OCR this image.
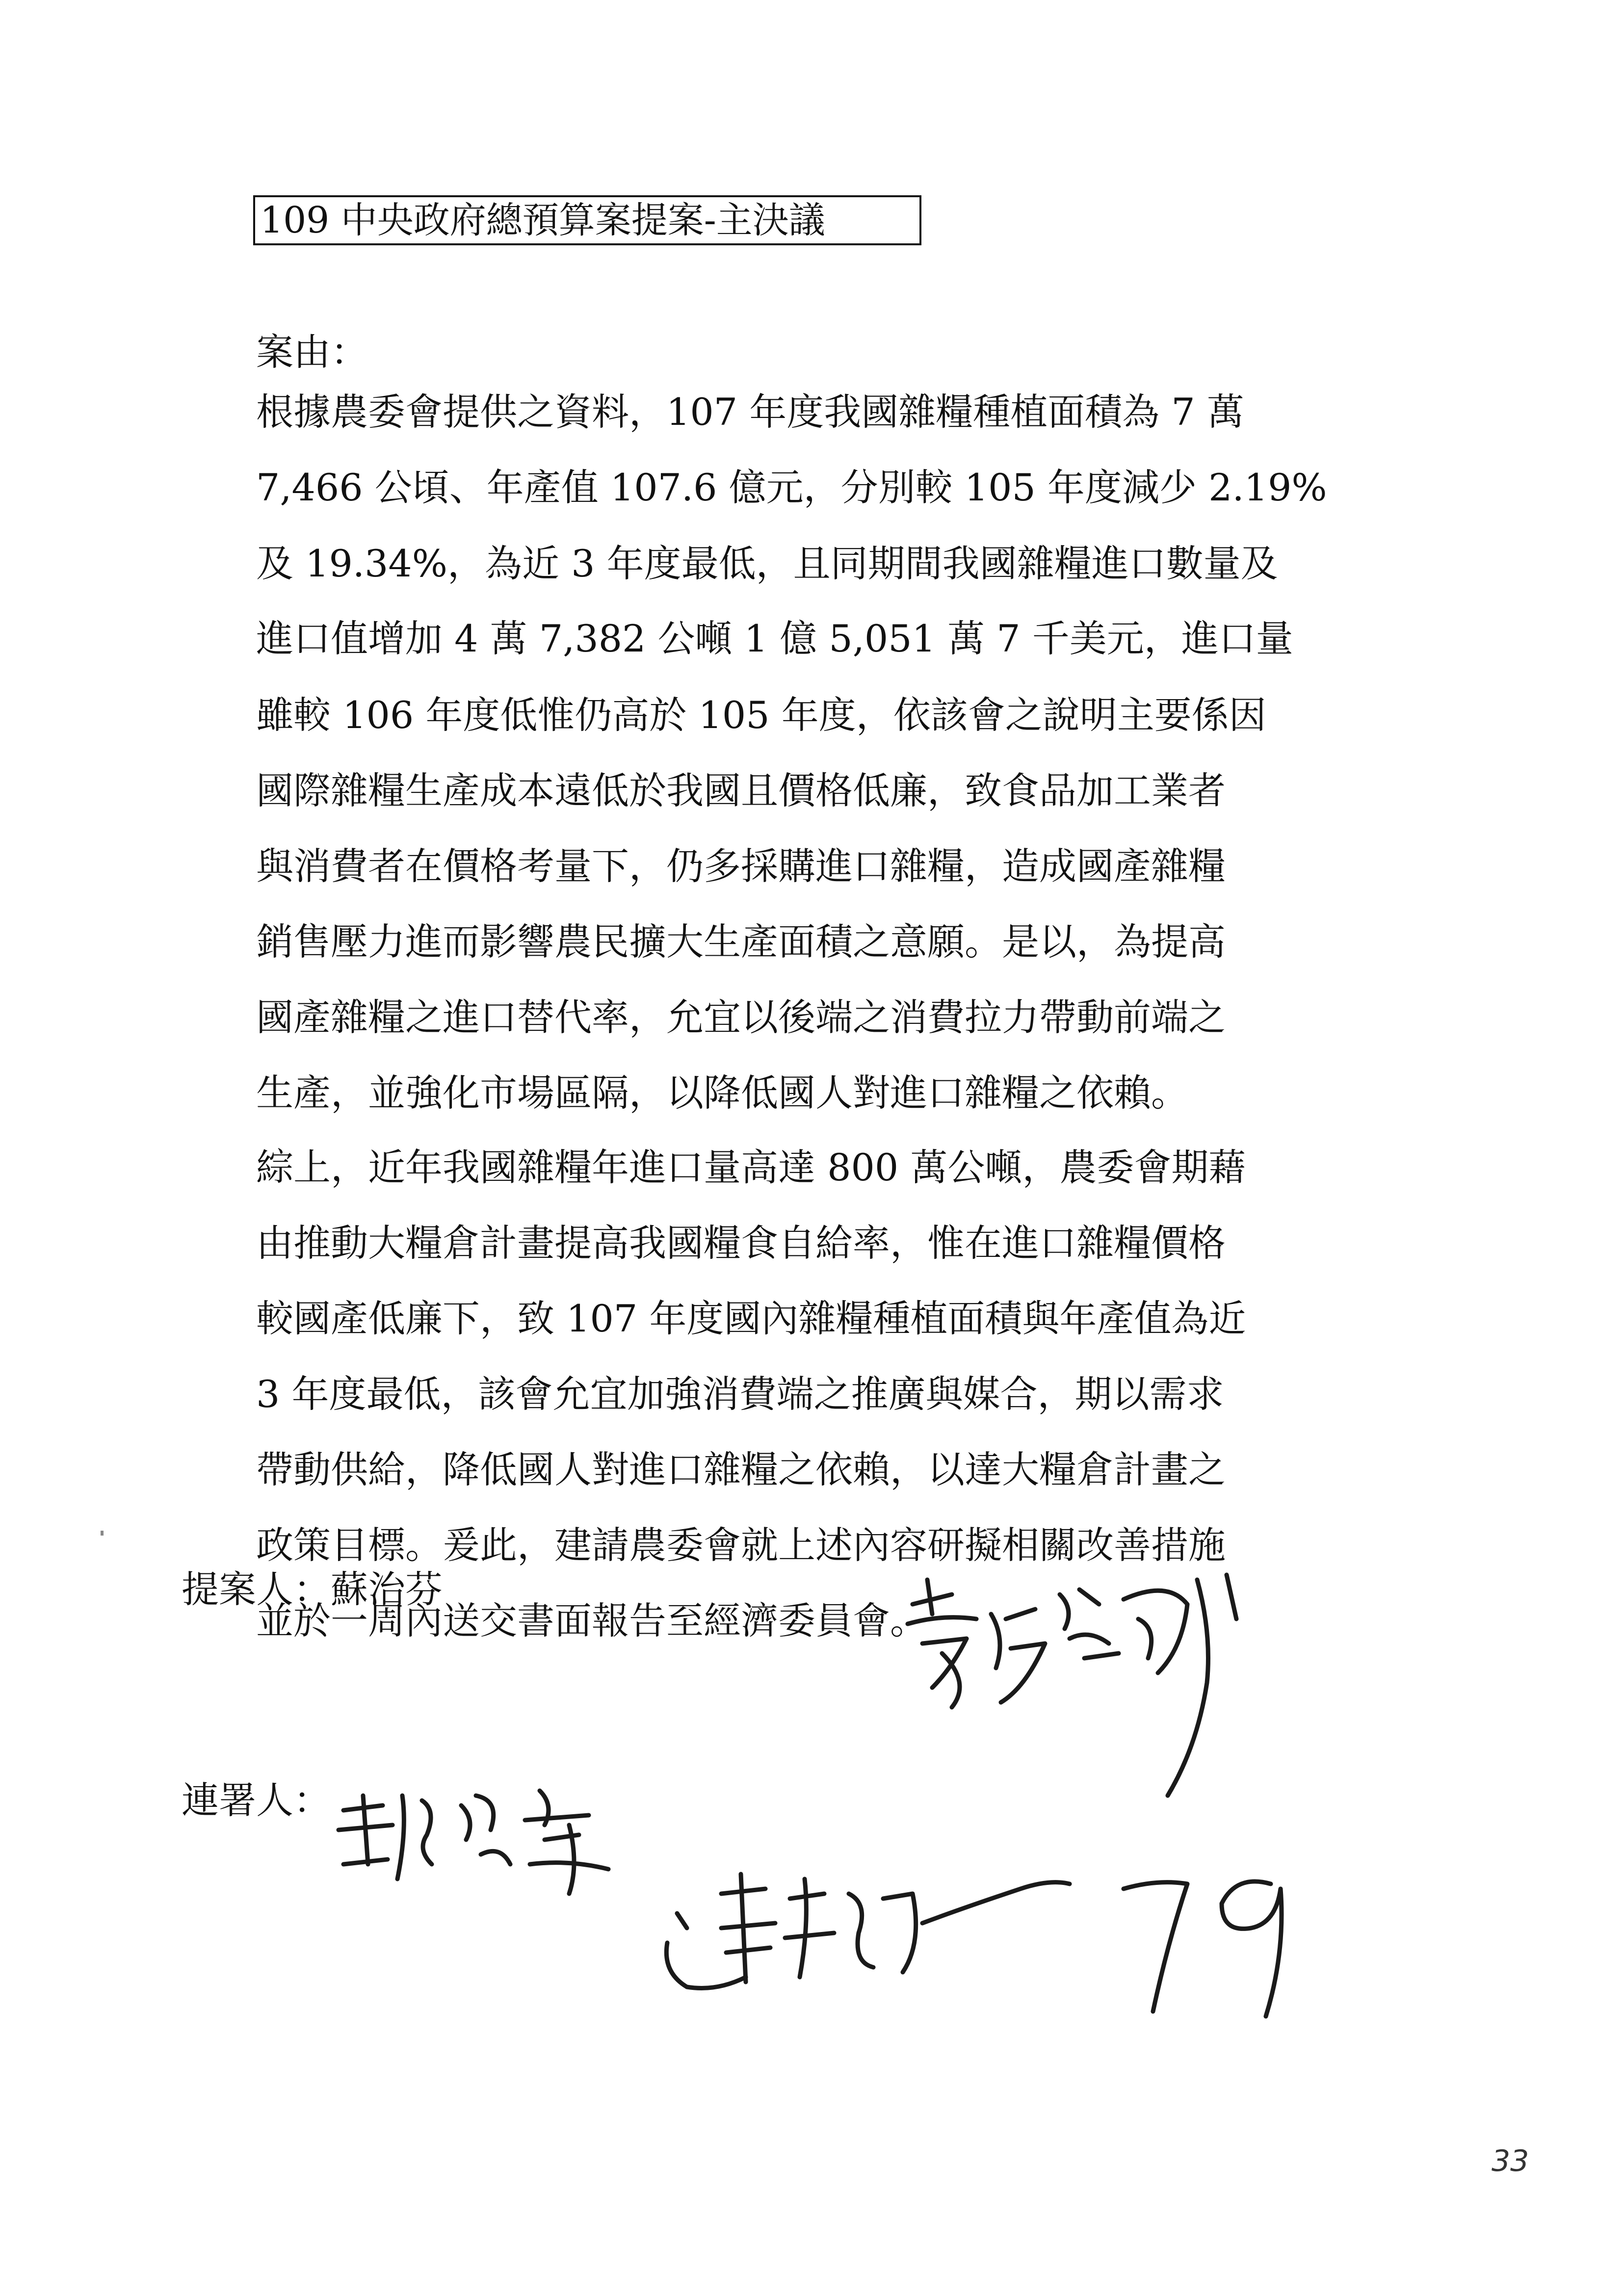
109 中央政府總預算案提案-主決議
案由：
根據農委會提供之資料，107 年度我國雜糧種植面積為 7 萬
7,466 公頃、年產值 107.6 億元，分別較 105 年度減少 2.19%
及 19.34%，為近 3 年度最低，且同期間我國雜糧進口數量及
進口值增加 4 萬 7,382 公噸 1 億 5,051 萬 7 千美元，進口量
雖較 106 年度低惟仍高於 105 年度，依該會之說明主要係因
國際雜糧生產成本遠低於我國且價格低廉，致食品加工業者
與消費者在價格考量下，仍多採購進口雜糧，造成國產雜糧
銷售壓力進而影響農民擴大生產面積之意願。是以，為提高
國產雜糧之進口替代率，允宜以後端之消費拉力帶動前端之
生產，並強化市場區隔，以降低國人對進口雜糧之依賴。
綜上，近年我國雜糧年進口量高達 800 萬公噸，農委會期藉
由推動大糧倉計畫提高我國糧食自給率，惟在進口雜糧價格
較國產低廉下，致 107 年度國內雜糧種植面積與年產值為近
3 年度最低，該會允宜加強消費端之推廣與媒合，期以需求
帶動供給，降低國人對進口雜糧之依賴，以達大糧倉計畫之
政策目標。爰此，建請農委會就上述內容研擬相關改善措施
並於一周內送交書面報告至經濟委員會。
提案人：蘇治芬
連署人：
33
